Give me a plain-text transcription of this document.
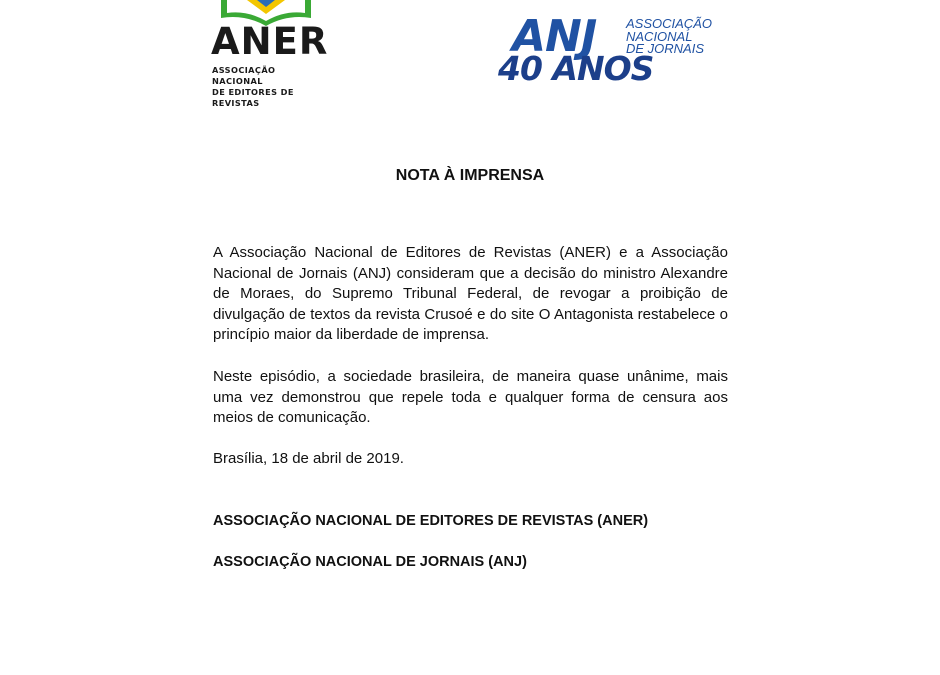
ANER
ASSOCIAÇÃO NACIONAL
DE EDITORES DE REVISTAS
ANJ	ASSOCIAÇÃO
NACIONAL
DE JORNAIS
40 ANOS
NOTA À IMPRENSA

A Associação Nacional de Editores de Revistas (ANER) e a Associação Nacional de Jornais (ANJ) consideram que a decisão do ministro Alexandre de Moraes, do Supremo Tribunal Federal, de revogar a proibição de divulgação de textos da revista Crusoé e do site O Antagonista restabelece o princípio maior da liberdade de imprensa.

Neste episódio, a sociedade brasileira, de maneira quase unânime, mais uma vez demonstrou que repele toda e qualquer forma de censura aos meios de comunicação.

Brasília, 18 de abril de 2019.
ASSOCIAÇÃO NACIONAL DE EDITORES DE REVISTAS (ANER)
ASSOCIAÇÃO NACIONAL DE JORNAIS (ANJ)
